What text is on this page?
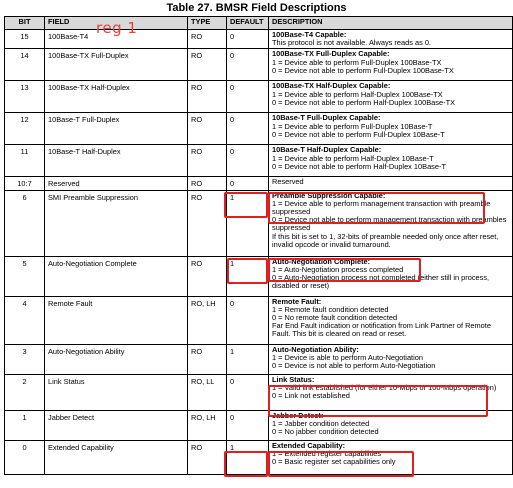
Table 27. BMSR Field Descriptions
BIT	FIELD	TYPE	DEFAULT	DESCRIPTION
15	100Base-T4	RO	0	100Base-T4 Capable:
This protocol is not available. Always reads as 0.

14	100Base-TX Full-Duplex	RO	0	100Base-TX Full-Duplex Capable:
1 = Device able to perform Full-Duplex 100Base-TX
0 = Device not able to perform Full-Duplex 100Base-TX

13	100Base-TX Half-Duplex	RO	0	100Base-TX Half-Duplex Capable:
1 = Device able to perform Half-Duplex 100Base-TX
0 = Device not able to perform Half-Duplex 100Base-TX

12	10Base-T Full-Duplex	RO	0	10Base-T Full-Duplex Capable:
1 = Device able to perform Full-Duplex 10Base-T
0 = Device not able to perform Full-Duplex 10Base-T

11	10Base-T Half-Duplex	RO	0	10Base-T Half-Duplex Capable:
1 = Device able to perform Half-Duplex 10Base-T
0 = Device not able to perform Half-Duplex 10Base-T

10:7	Reserved	RO	0	Reserved

6	SMI Preamble Suppression	RO	1	Preamble Suppression Capable:
1 = Device able to perform management transaction with preamble suppressed
0 = Device not able to perform management transaction with preambles suppressed
If this bit is set to 1, 32-bits of preamble needed only once after reset, invalid opcode or invalid turnaround.

5	Auto-Negotiation Complete	RO	1	Auto-Negotiation Complete:
1 = Auto-Negotiation process completed
0 = Auto-Negotiation process not completed (either still in process, disabled or reset)

4	Remote Fault	RO, LH	0	Remote Fault:
1 = Remote fault condition detected
0 = No remote fault condition detected
Far End Fault indication or notification from Link Partner of Remote Fault. This bit is cleared on read or reset.

3	Auto-Negotiation Ability	RO	1	Auto-Negotiation Ability:
1 = Device is able to perform Auto-Negotiation
0 = Device is not able to perform Auto-Negotiation

2	Link Status	RO, LL	0	Link Status:
1 = Valid link established (for either 10-Mbps or 100-Mbps operation)
0 = Link not established

1	Jabber Detect	RO, LH	0	Jabber Detect:
1 = Jabber condition detected
0 = No jabber condition detected

0	Extended Capability	RO	1	Extended Capability:
1 = Extended register capabilities
0 = Basic register set capabilities only
reg 1
